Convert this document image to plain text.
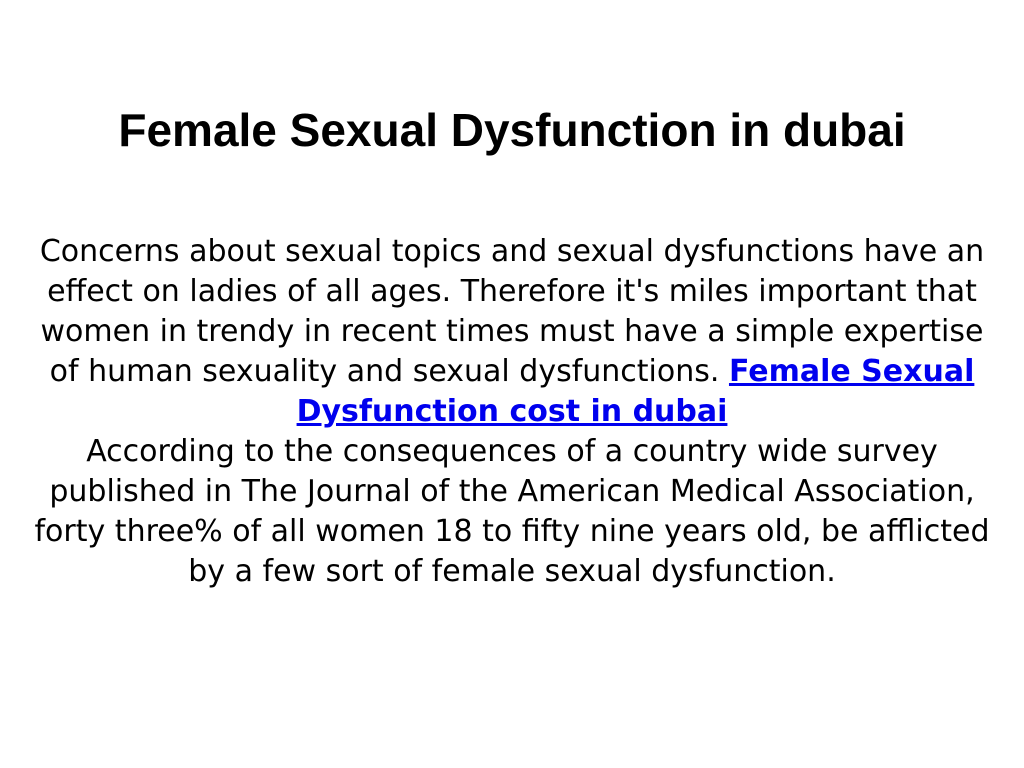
Female Sexual Dysfunction in dubai

Concerns about sexual topics and sexual dysfunctions have an effect on ladies of all ages. Therefore it's miles important that women in trendy in recent times must have a simple expertise of human sexuality and sexual dysfunctions. Female Sexual Dysfunction cost in dubai

According to the consequences of a country wide survey published in The Journal of the American Medical Association, forty three% of all women 18 to fifty nine years old, be afflicted by a few sort of female sexual dysfunction.
